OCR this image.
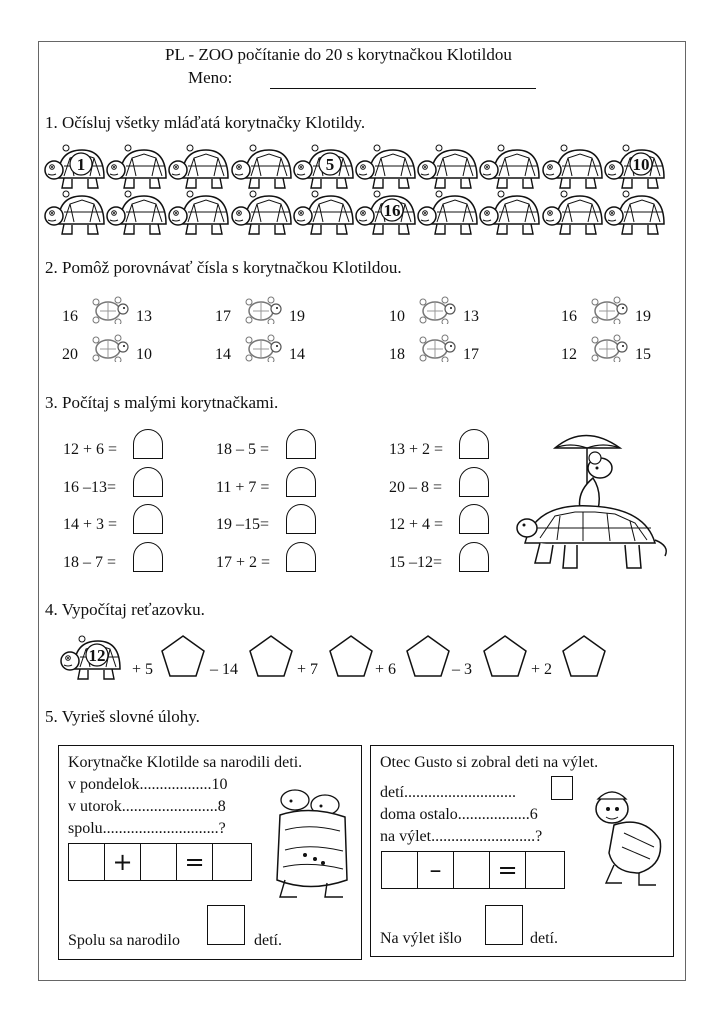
PL - ZOO počítanie do 20 s korytnačkou Klotildou
Meno:
1. Očísluj všetky mláďatá korytnačky Klotildy.
1	5	10
16
2. Pomôž porovnávať čísla s korytnačkou Klotildou.
16	13	17	19	10	13	16	19
20	10	14	14	18	17	12	15
3. Počítaj s malými korytnačkami.
12 + 6 =	18 – 5 =	13 + 2 =
16 –13=	11 + 7 =	20 – 8 =
14 + 3 =	19 –15=	12 + 4 =
18 – 7 =	17 + 2 =	15 –12=
4. Vypočítaj reťazovku.
12
+ 5	– 14	+ 7	+ 6	– 3	+ 2
5. Vyrieš slovné úlohy.
Korytnačke Klotilde sa narodili deti.
v pondelok..................10
v utorok........................8
spolu.............................?
+	=
Spolu sa narodilo	detí.
Otec Gusto si zobral deti na výlet.
detí............................
doma ostalo..................6
na výlet..........................?
–	=
Na výlet išlo	detí.
